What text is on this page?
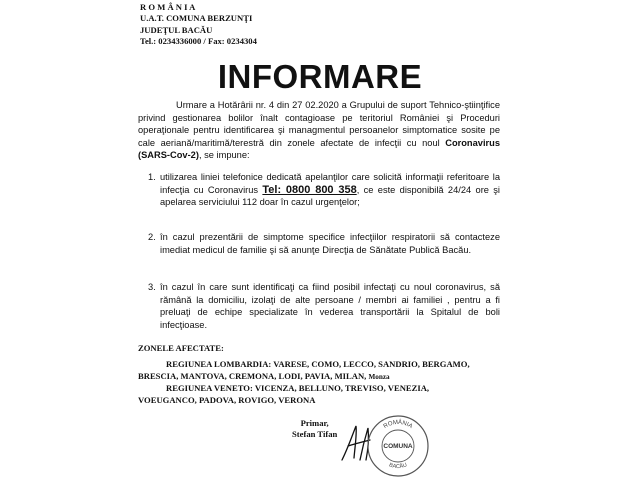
R O M Â N I A
U.A.T. COMUNA BERZUNŢI
JUDEŢUL BACĂU
Tel.: 0234336000 / Fax: 0234304
INFORMARE
Urmare a Hotărârii nr. 4 din 27 02.2020 a Grupului de suport Tehnico-ştiinţifice privind gestionarea bolilor înalt contagioase pe teritoriul României şi Proceduri operaţionale pentru identificarea şi managmentul persoanelor simptomatice sosite pe cale aeriană/maritimă/terestră din zonele afectate de infecţii cu noul Coronavirus (SARS-Cov-2), se impune:
1. utilizarea liniei telefonice dedicată apelanţilor care solicită informaţii referitoare la infecţia cu Coronavirus Tel: 0800 800 358, ce este disponibilă 24/24 ore şi apelarea serviciului 112 doar în cazul urgenţelor;
2. în cazul prezentării de simptome specifice infecţiilor respiratorii să contacteze imediat medicul de familie şi să anunţe Direcţia de Sănătate Publică Bacău.
3. în cazul în care sunt identificaţi ca fiind posibil infectaţi cu noul coronavirus, să rămână la domiciliu, izolaţi de alte persoane / membri ai familiei , pentru a fi preluaţi de echipe specializate în vederea transportării la Spitalul de boli infecţioase.
ZONELE AFECTATE:
REGIUNEA LOMBARDIA: VARESE, COMO, LECCO, SANDRIO, BERGAMO,
BRESCIA, MANTOVA, CREMONA, LODI, PAVIA, MILAN, Monza
REGIUNEA VENETO: VICENZA, BELLUNO, TREVISO, VENEZIA,
VOEUGANCO, PADOVA, ROVIGO, VERONA
Primar,
Stefan Tifan
ROMÂNIA
BACĂU
COMUNA
